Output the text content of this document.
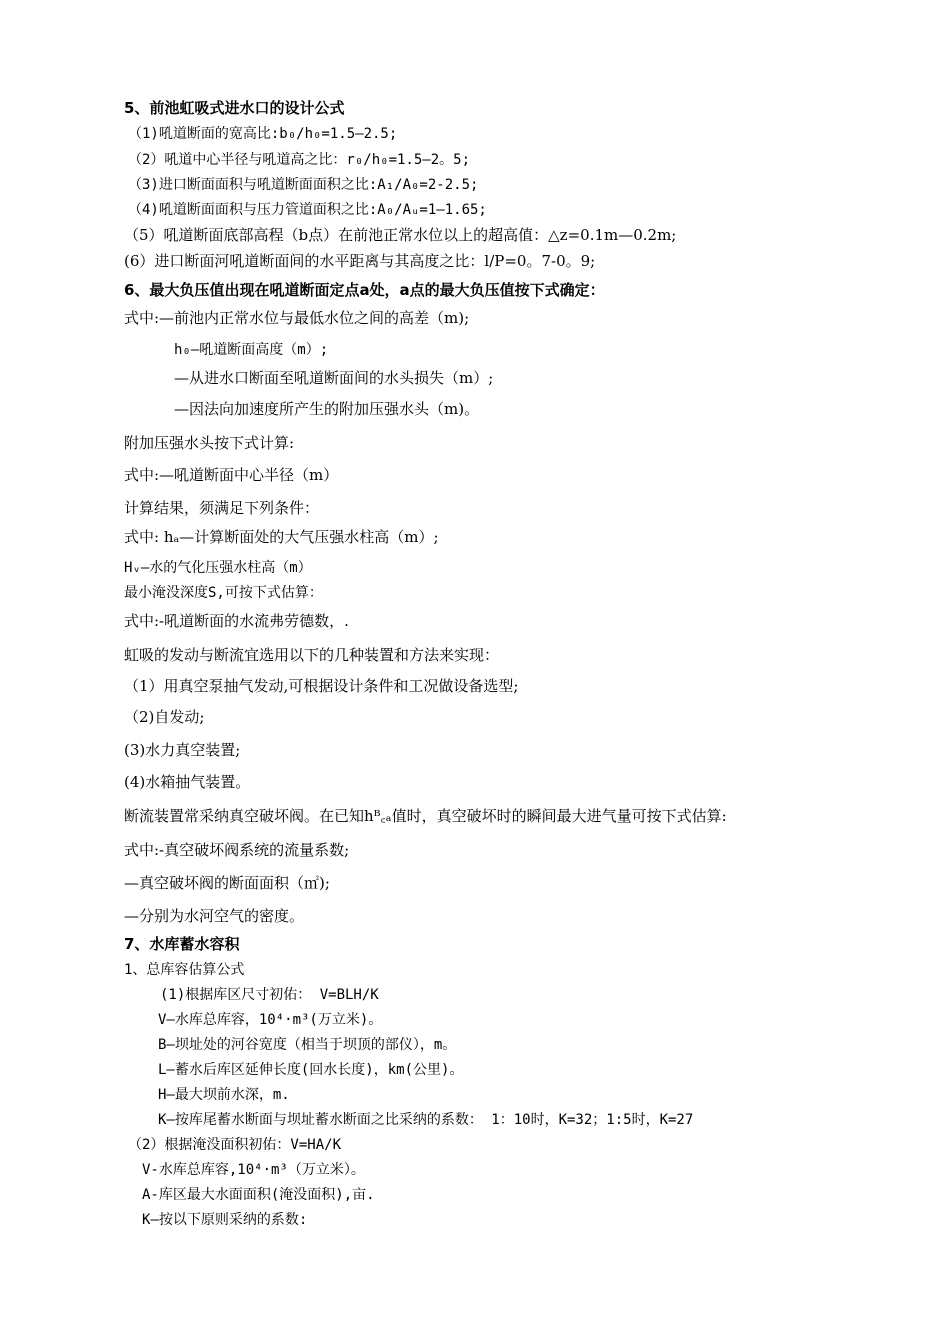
5、前池虹吸式进水口的设计公式
（1)吼道断面的宽高比:b₀/h₀=1.5—2.5;
（2）吼道中心半径与吼道高之比：r₀/h₀=1.5—2。5;
（3)进口断面面积与吼道断面面积之比:A₁/A₀=2-2.5;
（4)吼道断面面积与压力管道面积之比:A₀/Aᵤ=1—1.65;
（5）吼道断面底部高程（b点）在前池正常水位以上的超高值：△z=0.1m—0.2m;
(6）进口断面河吼道断面间的水平距离与其高度之比：l/P=0。7-0。9;
6、最大负压值出现在吼道断面定点a处，a点的最大负压值按下式确定：
式中:—前池内正常水位与最低水位之间的高差（m);
h₀—吼道断面高度（m）;
—从进水口断面至吼道断面间的水头损失（m）;
—因法向加速度所产生的附加压强水头（m)。
附加压强水头按下式计算:
式中:—吼道断面中心半径（m）
计算结果，须满足下列条件：
式中: hₐ—计算断面处的大气压强水柱高（m）;
Hᵥ—水的气化压强水柱高（m）
最小淹没深度S,可按下式估算：
式中:-吼道断面的水流弗劳德数，.
虹吸的发动与断流宜选用以下的几种装置和方法来实现：
（1）用真空泵抽气发动,可根据设计条件和工况做设备选型;
（2)自发动;
(3)水力真空装置;
(4)水箱抽气装置。
断流装置常采纳真空破坏阀。在已知hᴮ꜀ₐ值时，真空破坏时的瞬间最大进气量可按下式估算:
式中:-真空破坏阀系统的流量系数;
—真空破坏阀的断面面积（㎡);
—分别为水河空气的密度。
7、水库蓄水容积
1、总库容估算公式
(1)根据库区尺寸初佑： V=BLH/K
V—水库总库容，10⁴·m³(万立米)。
B—坝址处的河谷宽度（相当于坝顶的部仪），m。
L—蓄水后库区延伸长度(回水长度)，km(公里)。
H—最大坝前水深，m.
K—按库尾蓄水断面与坝址蓄水断面之比采纳的系数： 1：10时，K=32；1:5时，K=27
（2）根据淹没面积初佑：V=HA/K
V-水库总库容,10⁴·m³（万立米）。
A-库区最大水面面积(淹没面积),亩.
K—按以下原则采纳的系数:
